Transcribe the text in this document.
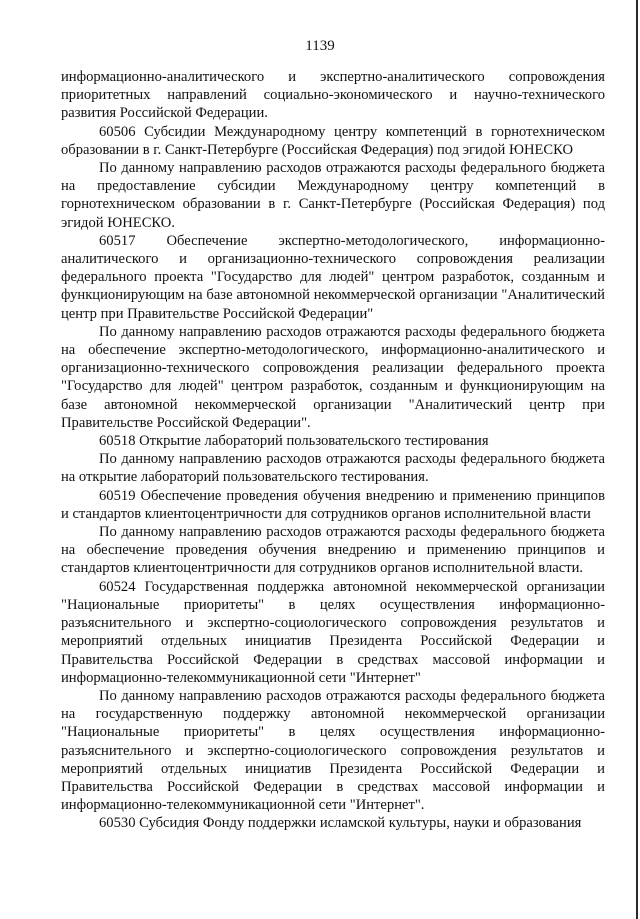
1139

информационно-аналитического и экспертно-аналитического сопровождения приоритетных направлений социально-экономического и научно-технического развития Российской Федерации.

60506 Субсидии Международному центру компетенций в горнотехническом образовании в г. Санкт-Петербурге (Российская Федерация) под эгидой ЮНЕСКО

По данному направлению расходов отражаются расходы федерального бюджета на предоставление субсидии Международному центру компетенций в горнотехническом образовании в г. Санкт-Петербурге (Российская Федерация) под эгидой ЮНЕСКО.

60517 Обеспечение экспертно-методологического, информационно-аналитического и организационно-технического сопровождения реализации федерального проекта "Государство для людей" центром разработок, созданным и функционирующим на базе автономной некоммерческой организации "Аналитический центр при Правительстве Российской Федерации"

По данному направлению расходов отражаются расходы федерального бюджета на обеспечение экспертно-методологического, информационно-аналитического и организационно-технического сопровождения реализации федерального проекта "Государство для людей" центром разработок, созданным и функционирующим на базе автономной некоммерческой организации "Аналитический центр при Правительстве Российской Федерации".

60518 Открытие лабораторий пользовательского тестирования

По данному направлению расходов отражаются расходы федерального бюджета на открытие лабораторий пользовательского тестирования.

60519 Обеспечение проведения обучения внедрению и применению принципов и стандартов клиентоцентричности для сотрудников органов исполнительной власти

По данному направлению расходов отражаются расходы федерального бюджета на обеспечение проведения обучения внедрению и применению принципов и стандартов клиентоцентричности для сотрудников органов исполнительной власти.

60524 Государственная поддержка автономной некоммерческой организации "Национальные приоритеты" в целях осуществления информационно-разъяснительного и экспертно-социологического сопровождения результатов и мероприятий отдельных инициатив Президента Российской Федерации и Правительства Российской Федерации в средствах массовой информации и информационно-телекоммуникационной сети "Интернет"

По данному направлению расходов отражаются расходы федерального бюджета на государственную поддержку автономной некоммерческой организации "Национальные приоритеты" в целях осуществления информационно-разъяснительного и экспертно-социологического сопровождения результатов и мероприятий отдельных инициатив Президента Российской Федерации и Правительства Российской Федерации в средствах массовой информации и информационно-телекоммуникационной сети "Интернет".

60530 Субсидия Фонду поддержки исламской культуры, науки и образования
